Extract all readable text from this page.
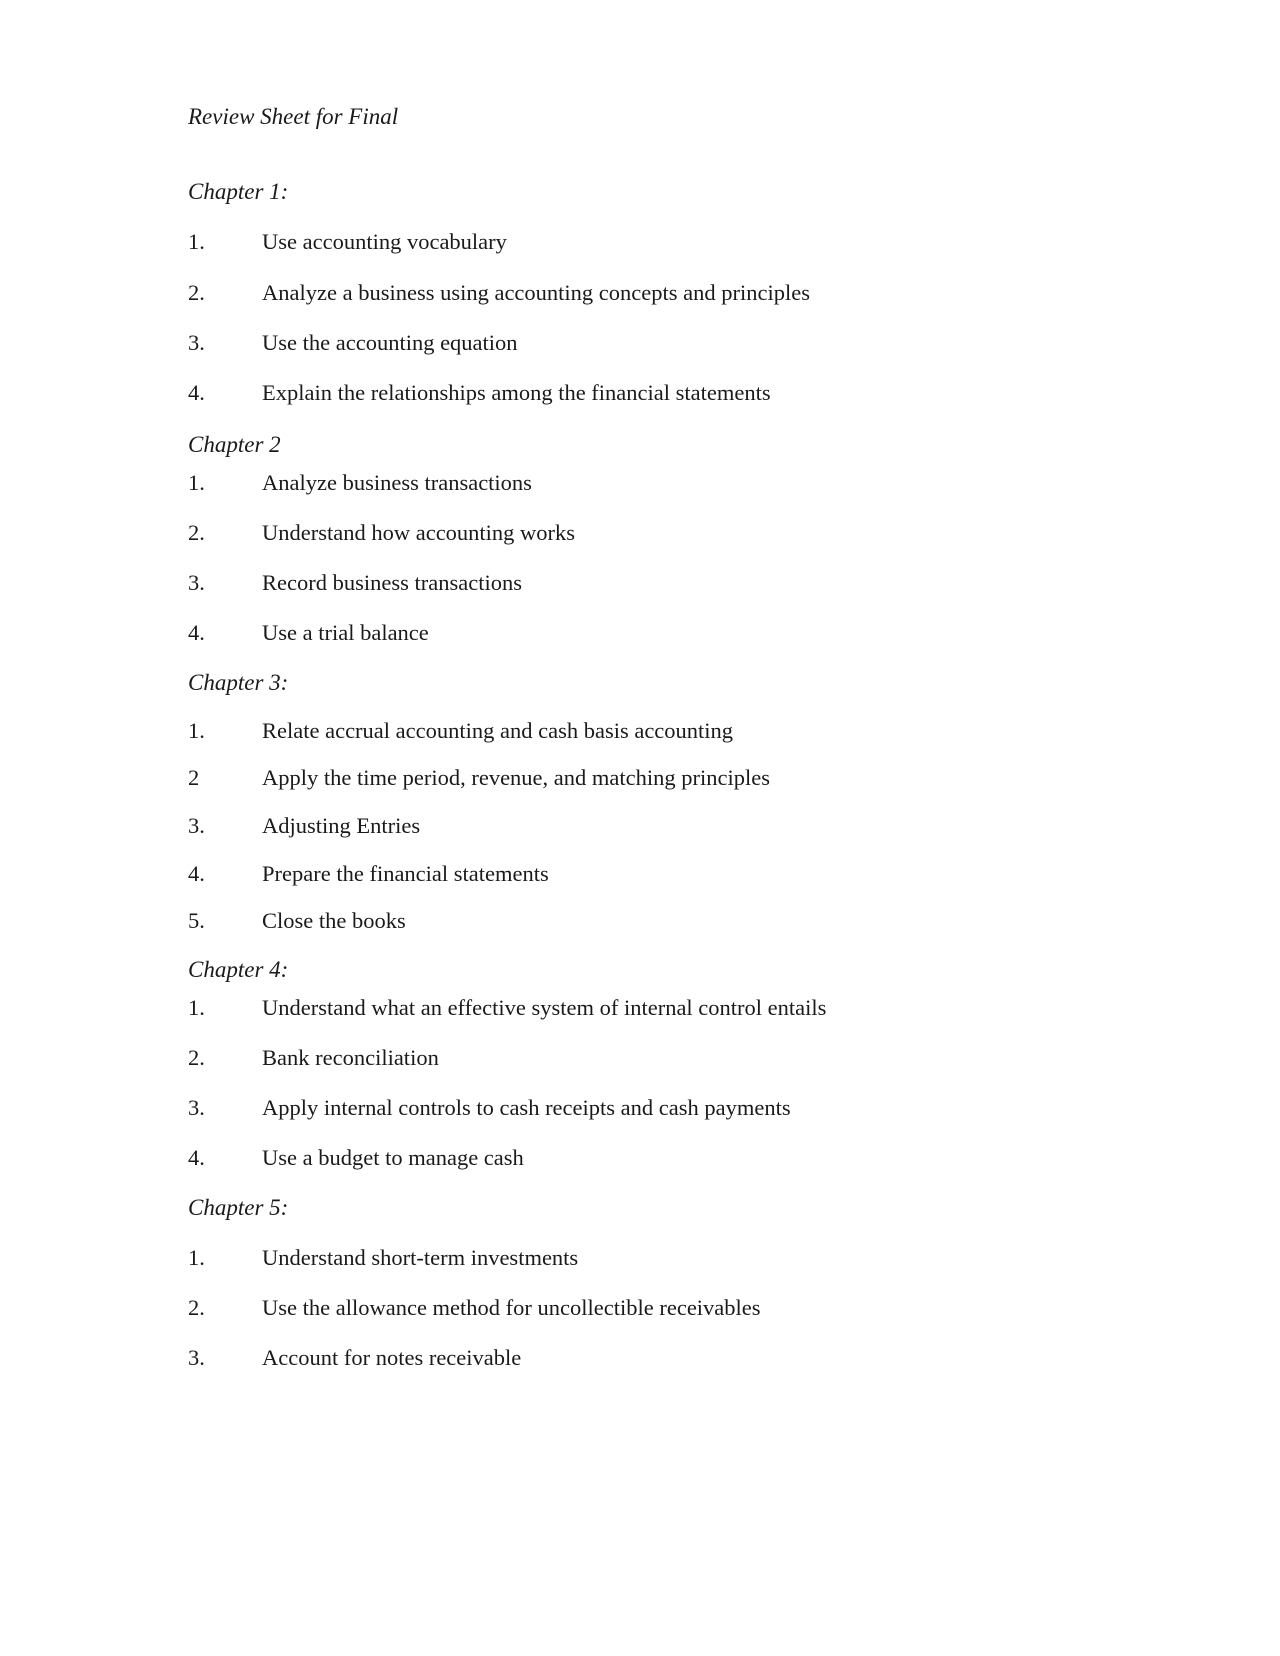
Review Sheet for Final
Chapter 1:
1.	Use accounting vocabulary
2.	Analyze a business using accounting concepts and principles
3.	Use the accounting equation
4.	Explain the relationships among the financial statements
Chapter 2
1.	Analyze business transactions
2.	Understand how accounting works
3.	Record business transactions
4.	Use a trial balance
Chapter 3:
1.	Relate accrual accounting and cash basis accounting
2	Apply the time period, revenue, and matching principles
3.	Adjusting Entries
4.	Prepare the financial statements
5.	Close the books
Chapter 4:
1.	Understand what an effective system of internal control entails
2.	Bank reconciliation
3.	Apply internal controls to cash receipts and cash payments
4.	Use a budget to manage cash
Chapter 5:
1.	Understand short-term investments
2.	Use the allowance method for uncollectible receivables
3.	Account for notes receivable
